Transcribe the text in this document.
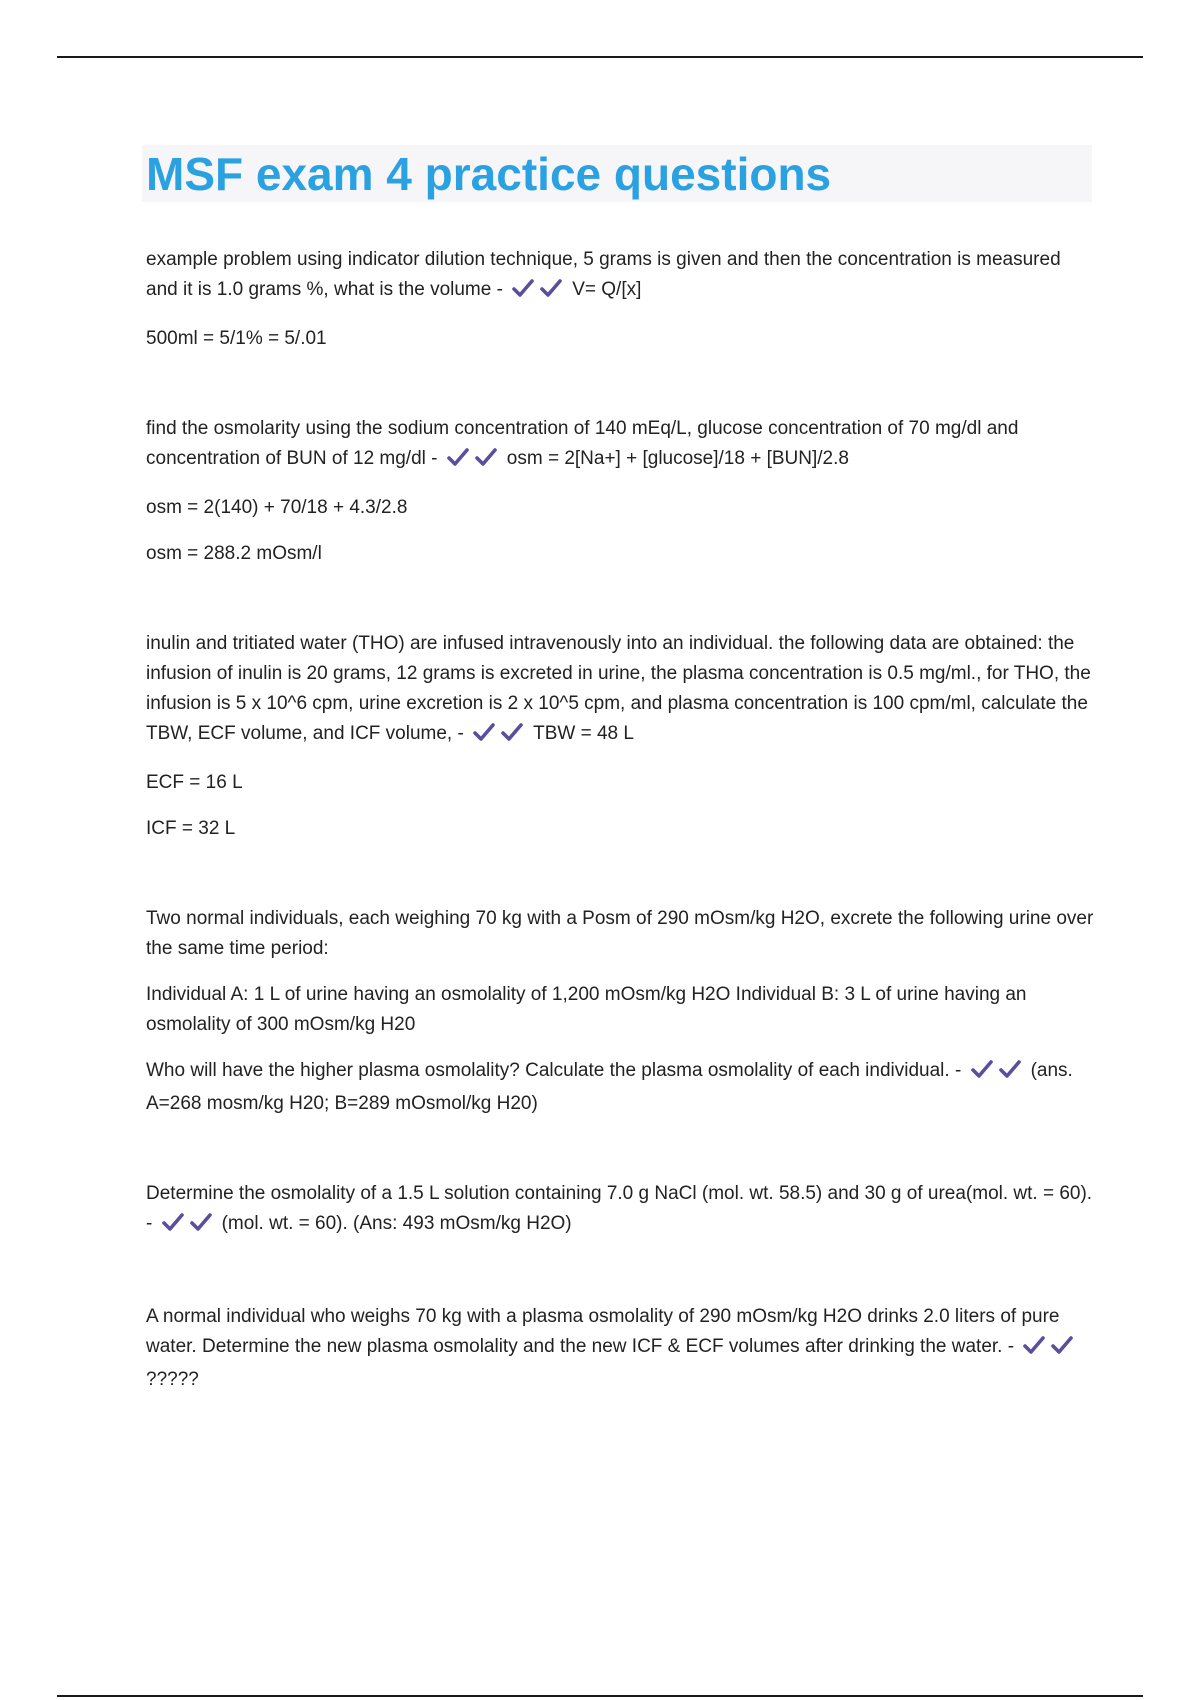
MSF exam 4 practice questions

example problem using indicator dilution technique, 5 grams is given and then the concentration is measured and it is 1.0 grams %, what is the volume -	V= Q/[x]

500ml = 5/1% = 5/.01

find the osmolarity using the sodium concentration of 140 mEq/L, glucose concentration of 70 mg/dl and concentration of BUN of 12 mg/dl -	osm = 2[Na+] + [glucose]/18 + [BUN]/2.8

osm = 2(140) + 70/18 + 4.3/2.8

osm = 288.2 mOsm/l

inulin and tritiated water (THO) are infused intravenously into an individual. the following data are obtained: the infusion of inulin is 20 grams, 12 grams is excreted in urine, the plasma concentration is 0.5 mg/ml., for THO, the infusion is 5 x 10^6 cpm, urine excretion is 2 x 10^5 cpm, and plasma concentration is 100 cpm/ml, calculate the TBW, ECF volume, and ICF volume, -	TBW = 48 L

ECF = 16 L

ICF = 32 L

Two normal individuals, each weighing 70 kg with a Posm of 290 mOsm/kg H2O, excrete the following urine over the same time period:

Individual A: 1 L of urine having an osmolality of 1,200 mOsm/kg H2O Individual B: 3 L of urine having an osmolality of 300 mOsm/kg H20

Who will have the higher plasma osmolality? Calculate the plasma osmolality of each individual. -	(ans. A=268 mosm/kg H20; B=289 mOsmol/kg H20)

Determine the osmolality of a 1.5 L solution containing 7.0 g NaCl (mol. wt. 58.5) and 30 g of urea(mol. wt. = 60). -	(mol. wt. = 60). (Ans: 493 mOsm/kg H2O)

A normal individual who weighs 70 kg with a plasma osmolality of 290 mOsm/kg H2O drinks 2.0 liters of pure water. Determine the new plasma osmolality and the new ICF & ECF volumes after drinking the water. -
?????
